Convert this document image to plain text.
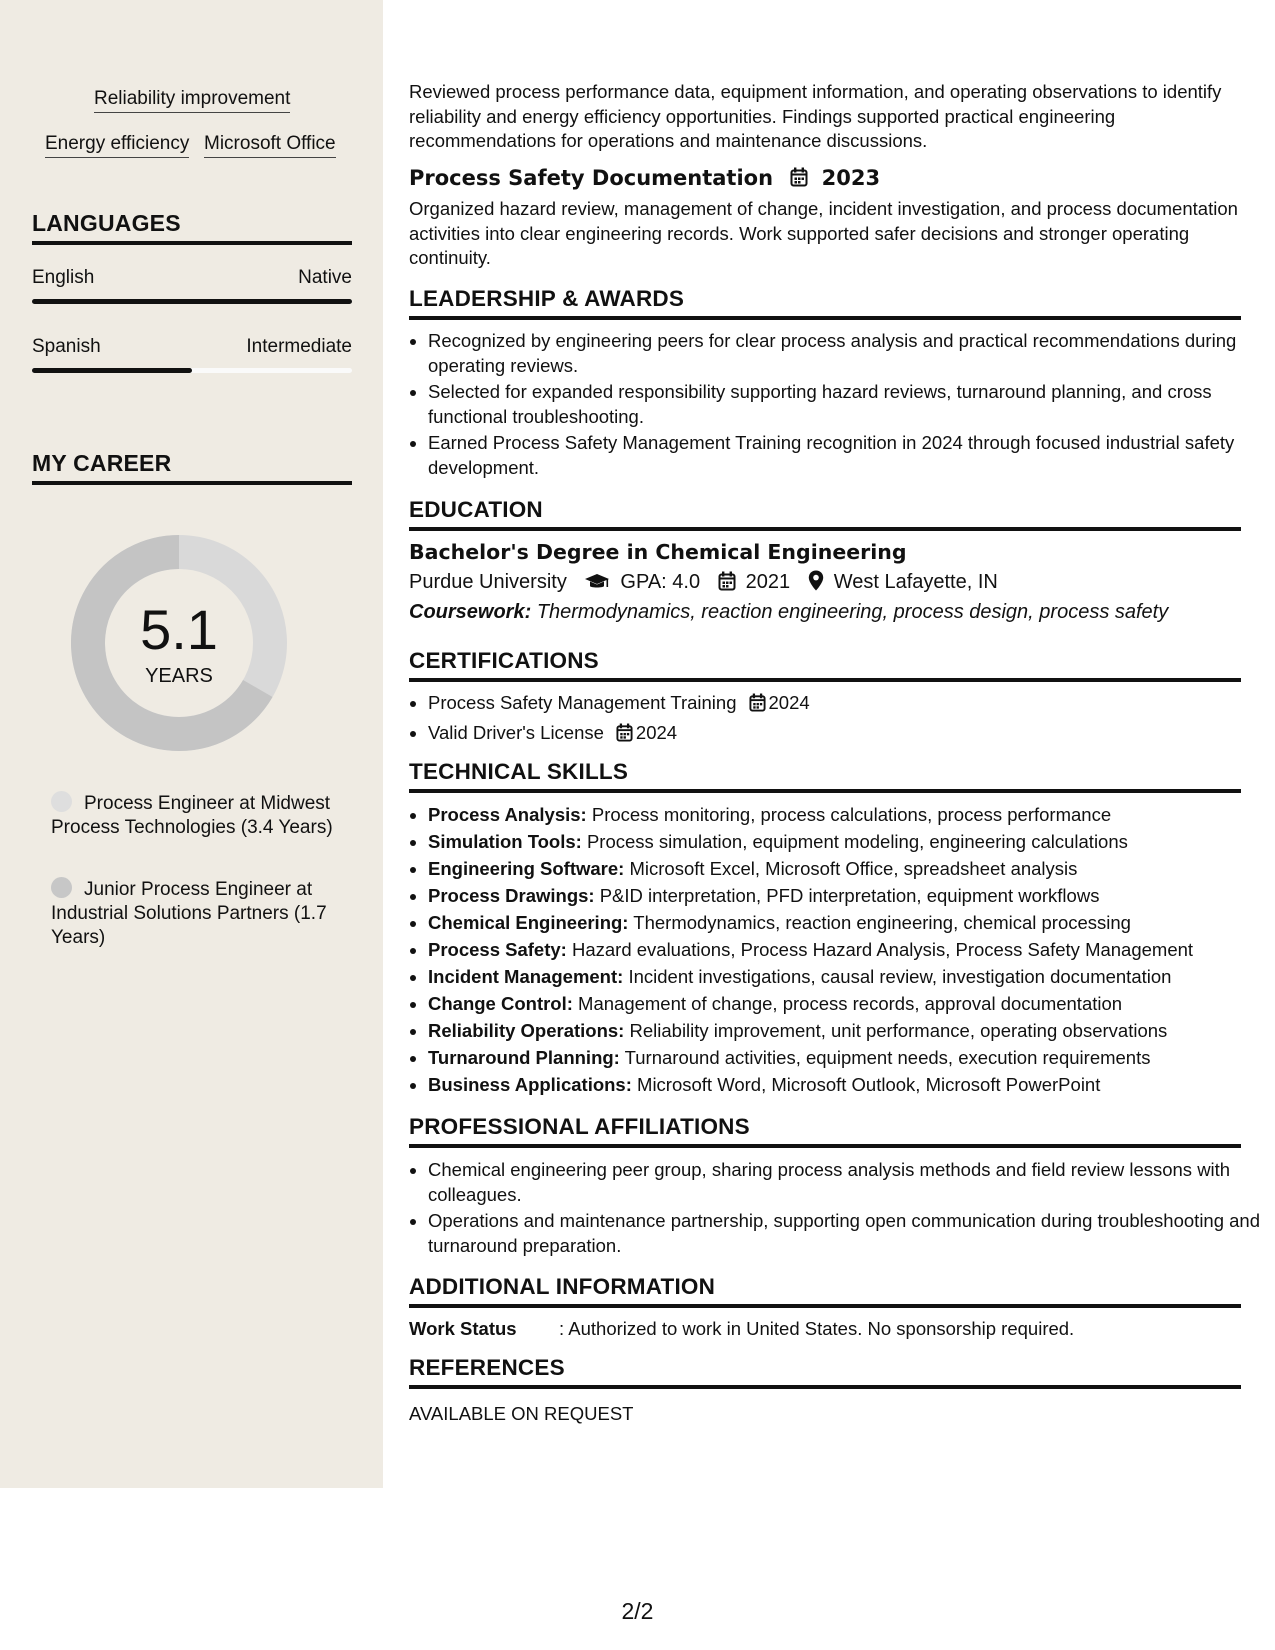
Reliability improvement
Energy efficiency Microsoft Office
LANGUAGES
English	Native
Spanish	Intermediate
MY CAREER
5.1
YEARS
Process Engineer at Midwest Process Technologies (3.4 Years)
Junior Process Engineer at Industrial Solutions Partners (1.7 Years)
Reviewed process performance data, equipment information, and operating observations to identify reliability and energy efficiency opportunities. Findings supported practical engineering recommendations for operations and maintenance discussions.
Process Safety Documentation 2023
Organized hazard review, management of change, incident investigation, and process documentation activities into clear engineering records. Work supported safer decisions and stronger operating continuity.
LEADERSHIP & AWARDS
• Recognized by engineering peers for clear process analysis and practical recommendations during operating reviews.
• Selected for expanded responsibility supporting hazard reviews, turnaround planning, and cross functional troubleshooting.
• Earned Process Safety Management Training recognition in 2024 through focused industrial safety development.
EDUCATION
Bachelor's Degree in Chemical Engineering
Purdue University	GPA: 4.0 2021 West Lafayette, IN
Coursework: Thermodynamics, reaction engineering, process design, process safety
CERTIFICATIONS
• Process Safety Management Training 2024
• Valid Driver's License 2024
TECHNICAL SKILLS
• Process Analysis: Process monitoring, process calculations, process performance
• Simulation Tools: Process simulation, equipment modeling, engineering calculations
• Engineering Software: Microsoft Excel, Microsoft Office, spreadsheet analysis
• Process Drawings: P&ID interpretation, PFD interpretation, equipment workflows
• Chemical Engineering: Thermodynamics, reaction engineering, chemical processing
• Process Safety: Hazard evaluations, Process Hazard Analysis, Process Safety Management
• Incident Management: Incident investigations, causal review, investigation documentation
• Change Control: Management of change, process records, approval documentation
• Reliability Operations: Reliability improvement, unit performance, operating observations
• Turnaround Planning: Turnaround activities, equipment needs, execution requirements
• Business Applications: Microsoft Word, Microsoft Outlook, Microsoft PowerPoint
PROFESSIONAL AFFILIATIONS
• Chemical engineering peer group, sharing process analysis methods and field review lessons with colleagues.
• Operations and maintenance partnership, supporting open communication during troubleshooting and turnaround preparation.
ADDITIONAL INFORMATION
Work Status : Authorized to work in United States. No sponsorship required.
REFERENCES
AVAILABLE ON REQUEST
2/2
